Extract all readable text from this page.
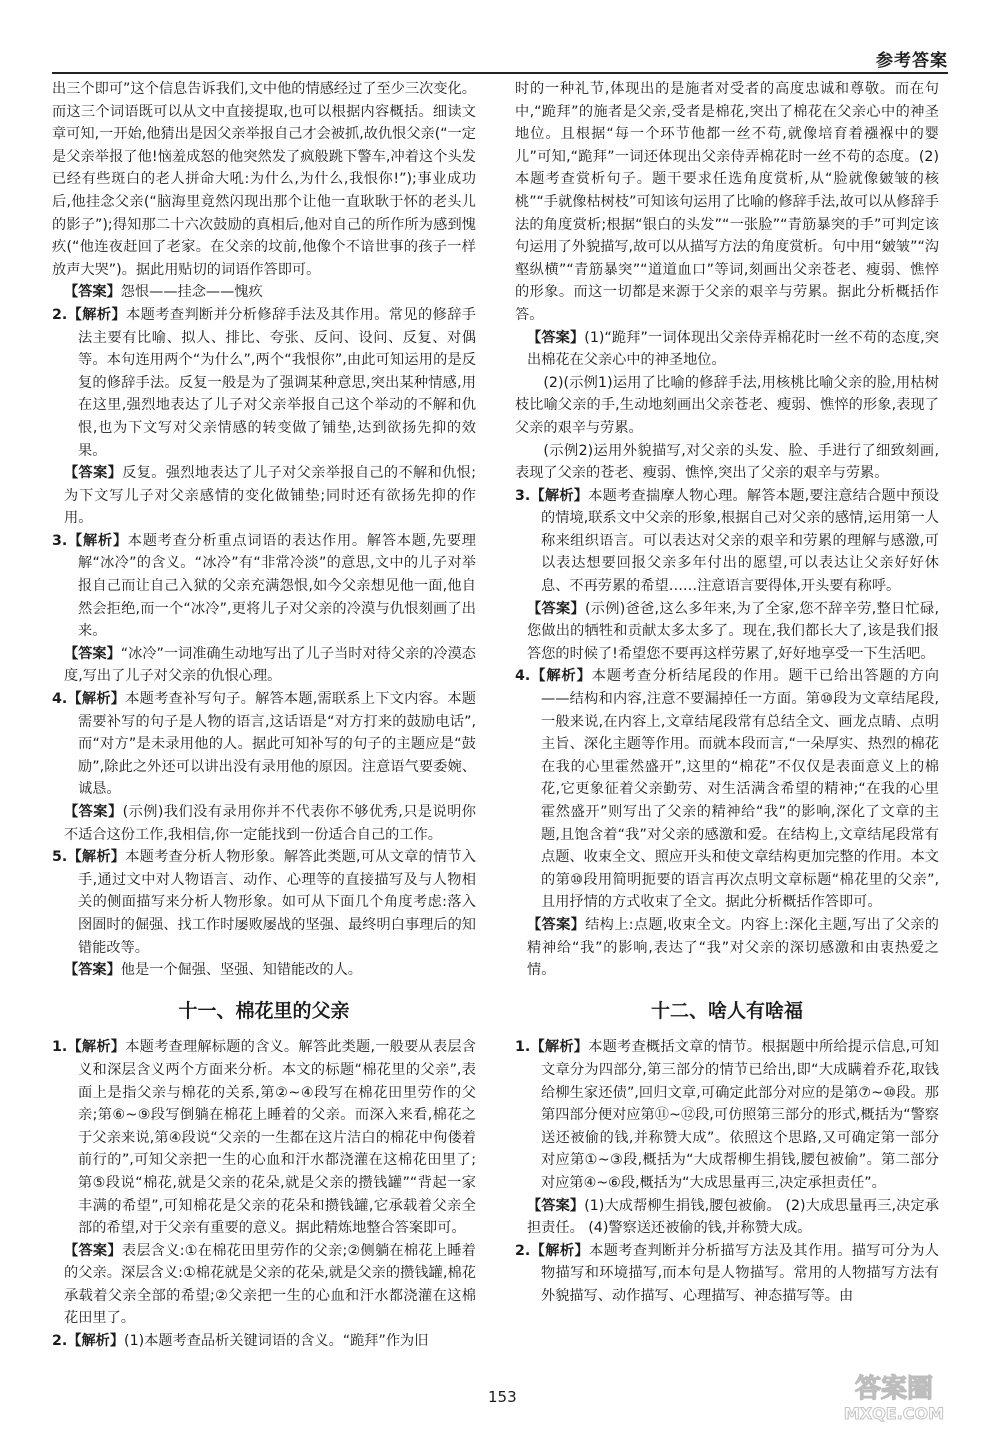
参考答案

出三个即可”这个信息告诉我们,文中他的情感经过了至少三次变化。而这三个词语既可以从文中直接提取,也可以根据内容概括。细读文章可知,一开始,他猜出是因父亲举报自己才会被抓,故仇恨父亲(“一定是父亲举报了他!恼羞成怒的他突然发了疯般跳下警车,冲着这个头发已经有些斑白的老人拼命大吼:为什么,为什么,我恨你!”);事业成功后,他挂念父亲(“脑海里竟然闪现出那个让他一直耿耿于怀的老头儿的影子”);得知那二十六次鼓励的真相后,他对自己的所作所为感到愧疚(“他连夜赶回了老家。在父亲的坟前,他像个不谙世事的孩子一样放声大哭”)。据此用贴切的词语作答即可。

【答案】怨恨——挂念——愧疚

2.【解析】本题考查判断并分析修辞手法及其作用。常见的修辞手法主要有比喻、拟人、排比、夸张、反问、设问、反复、对偶等。本句连用两个“为什么”,两个“我恨你”,由此可知运用的是反复的修辞手法。反复一般是为了强调某种意思,突出某种情感,用在这里,强烈地表达了儿子对父亲举报自己这个举动的不解和仇恨,也为下文写对父亲情感的转变做了铺垫,达到欲扬先抑的效果。

【答案】反复。强烈地表达了儿子对父亲举报自己的不解和仇恨;为下文写儿子对父亲感情的变化做铺垫;同时还有欲扬先抑的作用。

3.【解析】本题考查分析重点词语的表达作用。解答本题,先要理解“冰冷”的含义。“冰冷”有“非常冷淡”的意思,文中的儿子对举报自己而让自己入狱的父亲充满怨恨,如今父亲想见他一面,他自然会拒绝,而一个“冰冷”,更将儿子对父亲的冷漠与仇恨刻画了出来。

【答案】“冰冷”一词准确生动地写出了儿子当时对待父亲的冷漠态度,写出了儿子对父亲的仇恨心理。

4.【解析】本题考查补写句子。解答本题,需联系上下文内容。本题需要补写的句子是人物的语言,这话语是“对方打来的鼓励电话”,而“对方”是未录用他的人。据此可知补写的句子的主题应是“鼓励”,除此之外还可以讲出没有录用他的原因。注意语气要委婉、诚恳。

【答案】(示例)我们没有录用你并不代表你不够优秀,只是说明你不适合这份工作,我相信,你一定能找到一份适合自己的工作。

5.【解析】本题考查分析人物形象。解答此类题,可从文章的情节入手,通过文中对人物语言、动作、心理等的直接描写及与人物相关的侧面描写来分析人物形象。如可从下面几个角度考虑:落入囹圄时的倔强、找工作时屡败屡战的坚强、最终明白事理后的知错能改等。

【答案】他是一个倔强、坚强、知错能改的人。

十一、棉花里的父亲

1.【解析】本题考查理解标题的含义。解答此类题,一般要从表层含义和深层含义两个方面来分析。本文的标题“棉花里的父亲”,表面上是指父亲与棉花的关系,第②~④段写在棉花田里劳作的父亲;第⑥~⑨段写倒躺在棉花上睡着的父亲。而深入来看,棉花之于父亲来说,第④段说“父亲的一生都在这片洁白的棉花中佝偻着前行的”,可知父亲把一生的心血和汗水都浇灌在这棉花田里了;第⑤段说“棉花,就是父亲的花朵,就是父亲的攒钱罐”“背起一家丰满的希望”,可知棉花是父亲的花朵和攒钱罐,它承载着父亲全部的希望,对于父亲有重要的意义。据此精炼地整合答案即可。

【答案】表层含义:①在棉花田里劳作的父亲;②侧躺在棉花上睡着的父亲。深层含义:①棉花就是父亲的花朵,就是父亲的攒钱罐,棉花承载着父亲全部的希望;②父亲把一生的心血和汗水都浇灌在这棉花田里了。

2.【解析】(1)本题考查品析关键词语的含义。“跪拜”作为旧

时的一种礼节,体现出的是施者对受者的高度忠诚和尊敬。而在句中,“跪拜”的施者是父亲,受者是棉花,突出了棉花在父亲心中的神圣地位。且根据“每一个环节他都一丝不苟,就像培育着襁褓中的婴儿”可知,“跪拜”一词还体现出父亲侍弄棉花时一丝不苟的态度。(2)本题考查赏析句子。题干要求任选角度赏析,从“脸就像皴皱的核桃”“手就像枯树枝”可知该句运用了比喻的修辞手法,故可以从修辞手法的角度赏析;根据“银白的头发”“一张脸”“青筋暴突的手”可判定该句运用了外貌描写,故可以从描写方法的角度赏析。句中用“皴皱”“沟壑纵横”“青筋暴突”“道道血口”等词,刻画出父亲苍老、瘦弱、憔悴的形象。而这一切都是来源于父亲的艰辛与劳累。据此分析概括作答。

【答案】(1)“跪拜”一词体现出父亲侍弄棉花时一丝不苟的态度,突出棉花在父亲心中的神圣地位。

(2)(示例1)运用了比喻的修辞手法,用核桃比喻父亲的脸,用枯树枝比喻父亲的手,生动地刻画出父亲苍老、瘦弱、憔悴的形象,表现了父亲的艰辛与劳累。

(示例2)运用外貌描写,对父亲的头发、脸、手进行了细致刻画,表现了父亲的苍老、瘦弱、憔悴,突出了父亲的艰辛与劳累。

3.【解析】本题考查揣摩人物心理。解答本题,要注意结合题中预设的情境,联系文中父亲的形象,根据自己对父亲的感情,运用第一人称来组织语言。可以表达对父亲的艰辛和劳累的理解与感激,可以表达想要回报父亲多年付出的愿望,可以表达让父亲好好休息、不再劳累的希望……注意语言要得体,开头要有称呼。

【答案】(示例)爸爸,这么多年来,为了全家,您不辞辛劳,整日忙碌,您做出的牺牲和贡献太多太多了。现在,我们都长大了,该是我们报答您的时候了!希望您不要再这样劳累了,好好地享受一下生活吧。

4.【解析】本题考查分析结尾段的作用。题干已给出答题的方向——结构和内容,注意不要漏掉任一方面。第⑩段为文章结尾段,一般来说,在内容上,文章结尾段常有总结全文、画龙点睛、点明主旨、深化主题等作用。而就本段而言,“一朵厚实、热烈的棉花在我的心里霍然盛开”,这里的“棉花”不仅仅是表面意义上的棉花,它更象征着父亲勤劳、对生活满含希望的精神;“在我的心里霍然盛开”则写出了父亲的精神给“我”的影响,深化了文章的主题,且饱含着“我”对父亲的感激和爱。在结构上,文章结尾段常有点题、收束全文、照应开头和使文章结构更加完整的作用。本文的第⑩段用简明扼要的语言再次点明文章标题“棉花里的父亲”,且用抒情的方式收束了全文。据此分析概括作答即可。

【答案】结构上:点题,收束全文。内容上:深化主题,写出了父亲的精神给“我”的影响,表达了“我”对父亲的深切感激和由衷热爱之情。

十二、啥人有啥福

1.【解析】本题考查概括文章的情节。根据题中所给提示信息,可知文章分为四部分,第三部分的情节已给出,即“大成瞒着乔花,取钱给柳生家还债”,回归文章,可确定此部分对应的是第⑦~⑩段。那第四部分便对应第⑪~⑫段,可仿照第三部分的形式,概括为“警察送还被偷的钱,并称赞大成”。依照这个思路,又可确定第一部分对应第①~③段,概括为“大成帮柳生捐钱,腰包被偷”。第二部分对应第④~⑥段,概括为“大成思量再三,决定承担责任”。

【答案】(1)大成帮柳生捐钱,腰包被偷。 (2)大成思量再三,决定承担责任。 (4)警察送还被偷的钱,并称赞大成。

2.【解析】本题考查判断并分析描写方法及其作用。描写可分为人物描写和环境描写,而本句是人物描写。常用的人物描写方法有外貌描写、动作描写、心理描写、神态描写等。由

153	答案圈
MXQE.COM
